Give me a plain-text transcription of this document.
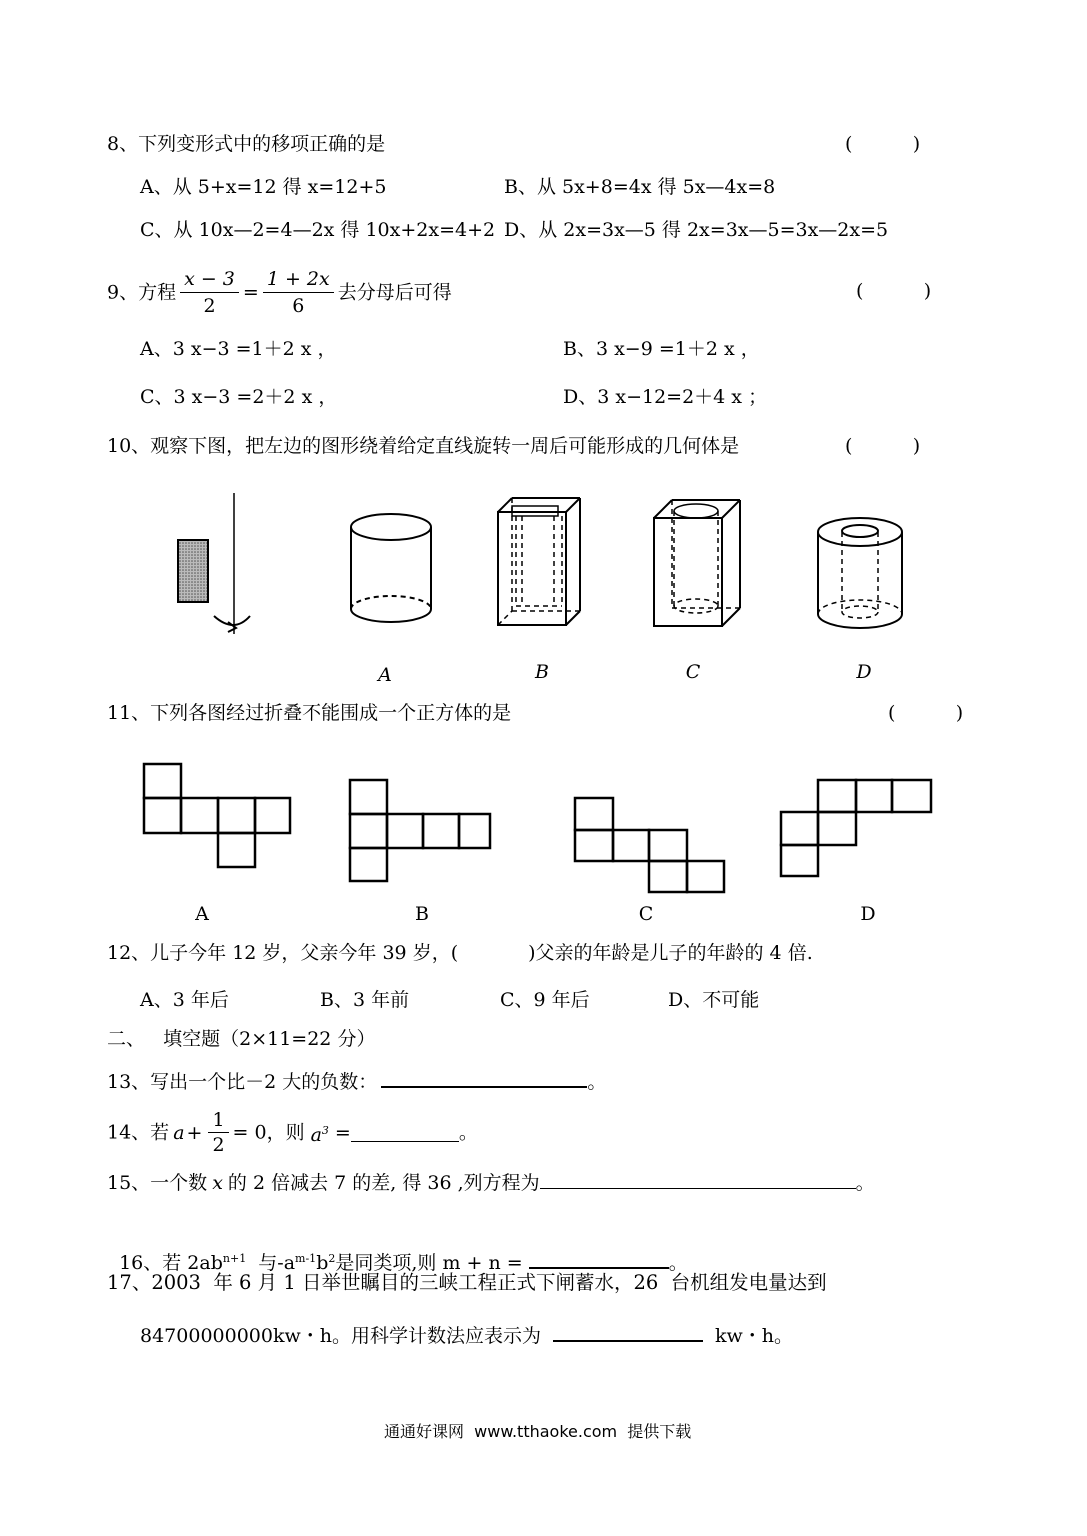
8、下列变形式中的移项正确的是	(          )
A、从 5+x=12 得 x=12+5	B、从 5x+8=4x 得 5x—4x=8
C、从 10x—2=4—2x 得 10x+2x=4+2 D、从 2x=3x—5 得 2x=3x—5=3x—2x=5
9、方程 $\frac{x - 3}{2} = \frac{1 + 2x}{6}$ 去分母后可得	(          )
A、3 x−3 =1＋2 x ，	B、3 x−9 =1＋2 x ，
C、3 x−3 =2＋2 x ，	D、3 x−12=2＋4 x ；
10、观察下图，把左边的图形绕着给定直线旋转一周后可能形成的几何体是	(          )
A	B	C	D
11、下列各图经过折叠不能围成一个正方体的是	(          )
A	B	C	D
12、儿子今年 12 岁，父亲今年 39 岁，(	)父亲的年龄是儿子的年龄的 4 倍.
A、3 年后	B、3 年前	C、9 年后	D、不可能
二、   填空题（2×11=22 分）
13、写出一个比－2 大的负数：	。
14、若 $a + \frac{1}{2} = 0$，则 $a^3$ =	。
15、一个数 x 的 2 倍减去 7 的差, 得 36 ,列方程为	。

16、若 $2ab^{n+1}$  与$-a^{m-1}b^2$是同类项,则 m + n =	。

17、2003  年 6 月 1 日举世瞩目的三峡工程正式下闸蓄水，26  台机组发电量达到
84700000000kw・h。用科学计数法应表示为	kw・h。
通通好课网  www.tthaoke.com  提供下载
